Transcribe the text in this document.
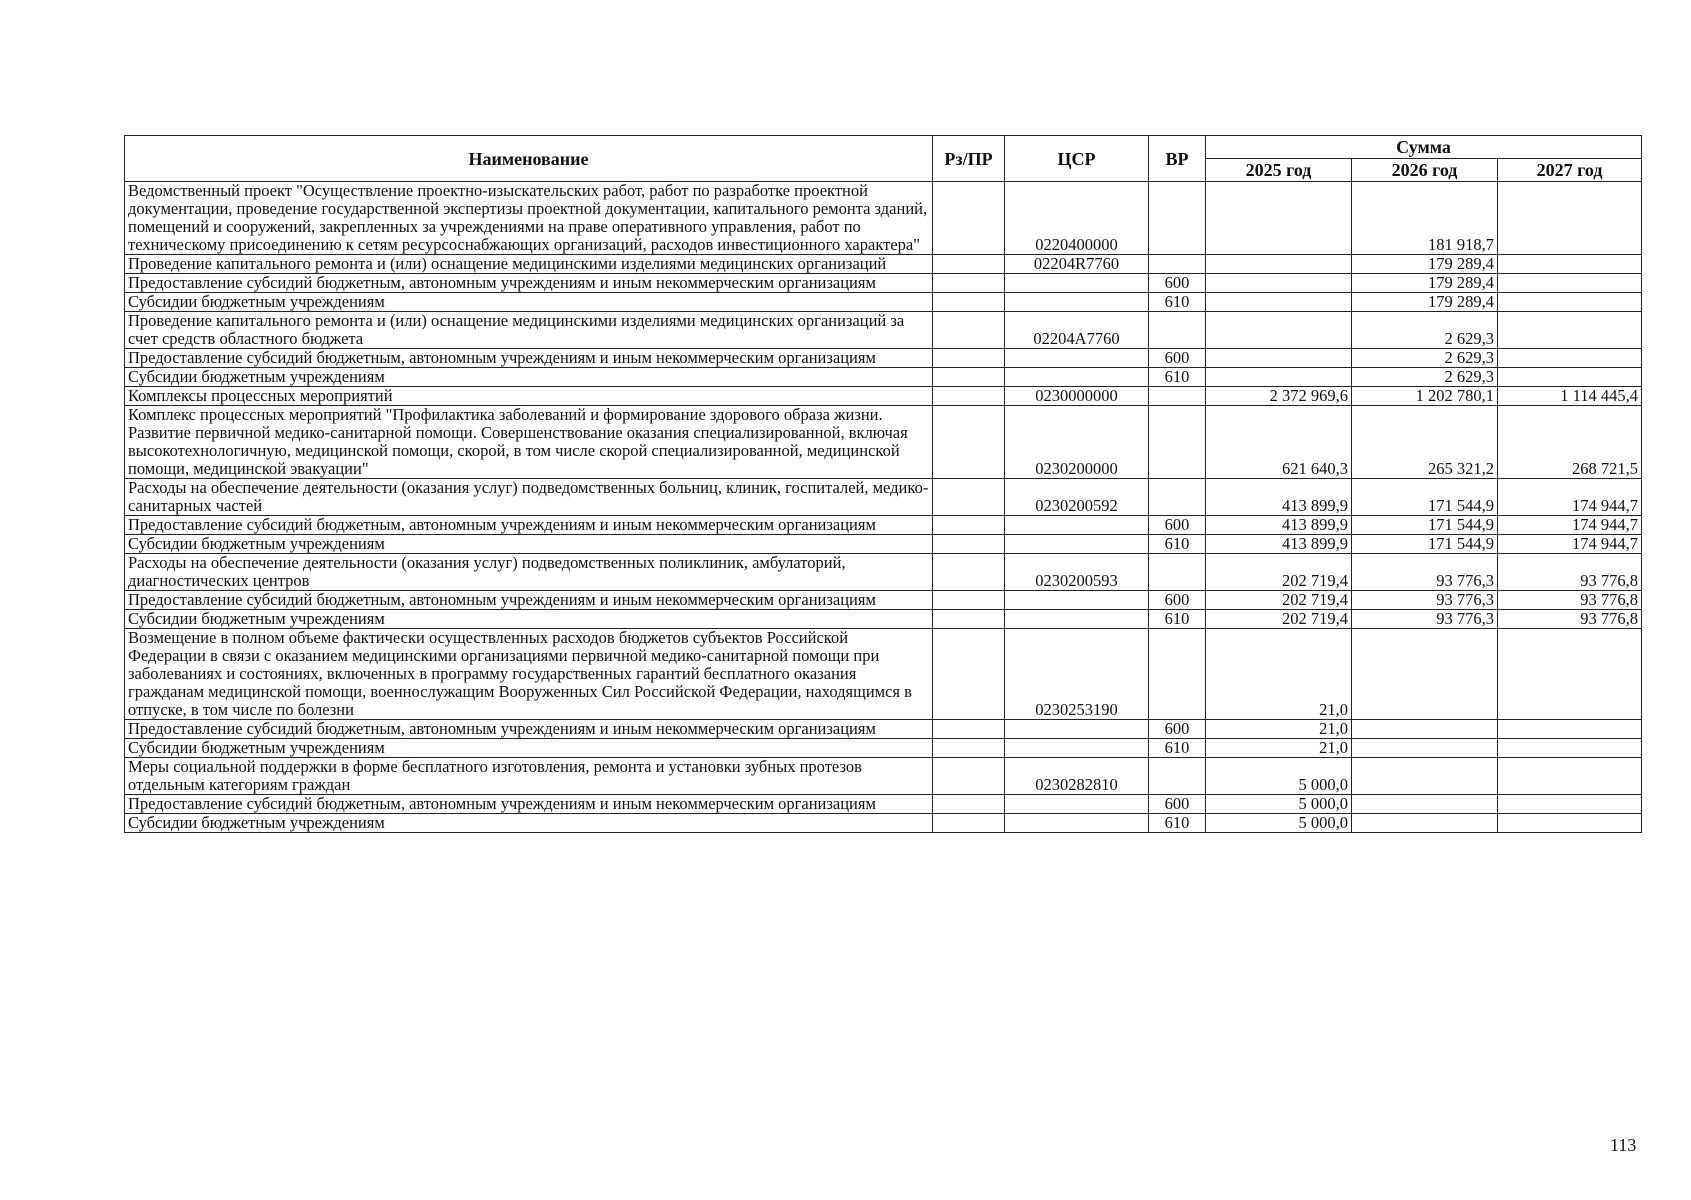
Наименование	Рз/ПР	ЦСР	ВР	Сумма		
				2025 год	2026 год	2027 год
Ведомственный проект "Осуществление проектно-изыскательских работ, работ по разработке проектной документации, проведение государственной экспертизы проектной документации, капитального ремонта зданий, помещений и сооружений, закрепленных за учреждениями на праве оперативного управления, работ по техническому присоединению к сетям ресурсоснабжающих организаций, расходов инвестиционного характера"		0220400000			181 918,7	
Проведение капитального ремонта и (или) оснащение медицинскими изделиями медицинских организаций		02204R7760			179 289,4	
Предоставление субсидий бюджетным, автономным учреждениям и иным некоммерческим организациям			600		179 289,4	
Субсидии бюджетным учреждениям			610		179 289,4	
Проведение капитального ремонта и (или) оснащение медицинскими изделиями медицинских организаций за счет средств областного бюджета		02204A7760			2 629,3	
Предоставление субсидий бюджетным, автономным учреждениям и иным некоммерческим организациям			600		2 629,3	
Субсидии бюджетным учреждениям			610		2 629,3	
Комплексы процессных мероприятий		0230000000		2 372 969,6	1 202 780,1	1 114 445,4
Комплекс процессных мероприятий "Профилактика заболеваний и формирование здорового образа жизни. Развитие первичной медико-санитарной помощи. Совершенствование оказания специализированной, включая высокотехнологичную, медицинской помощи, скорой, в том числе скорой специализированной, медицинской помощи, медицинской эвакуации"		0230200000		621 640,3	265 321,2	268 721,5
Расходы на обеспечение деятельности (оказания услуг) подведомственных больниц, клиник, госпиталей, медико-санитарных частей		0230200592		413 899,9	171 544,9	174 944,7
Предоставление субсидий бюджетным, автономным учреждениям и иным некоммерческим организациям			600	413 899,9	171 544,9	174 944,7
Субсидии бюджетным учреждениям			610	413 899,9	171 544,9	174 944,7
Расходы на обеспечение деятельности (оказания услуг) подведомственных поликлиник, амбулаторий, диагностических центров		0230200593		202 719,4	93 776,3	93 776,8
Предоставление субсидий бюджетным, автономным учреждениям и иным некоммерческим организациям			600	202 719,4	93 776,3	93 776,8
Субсидии бюджетным учреждениям			610	202 719,4	93 776,3	93 776,8
Возмещение в полном объеме фактически осуществленных расходов бюджетов субъектов Российской Федерации в связи с оказанием медицинскими организациями первичной медико-санитарной помощи при заболеваниях и состояниях, включенных в программу государственных гарантий бесплатного оказания гражданам медицинской помощи, военнослужащим Вооруженных Сил Российской Федерации, находящимся в отпуске, в том числе по болезни		0230253190		21,0		
Предоставление субсидий бюджетным, автономным учреждениям и иным некоммерческим организациям			600	21,0		
Субсидии бюджетным учреждениям			610	21,0		
Меры социальной поддержки в форме бесплатного изготовления, ремонта и установки зубных протезов отдельным категориям граждан		0230282810		5 000,0		
Предоставление субсидий бюджетным, автономным учреждениям и иным некоммерческим организациям			600	5 000,0		
Субсидии бюджетным учреждениям			610	5 000,0		
113
